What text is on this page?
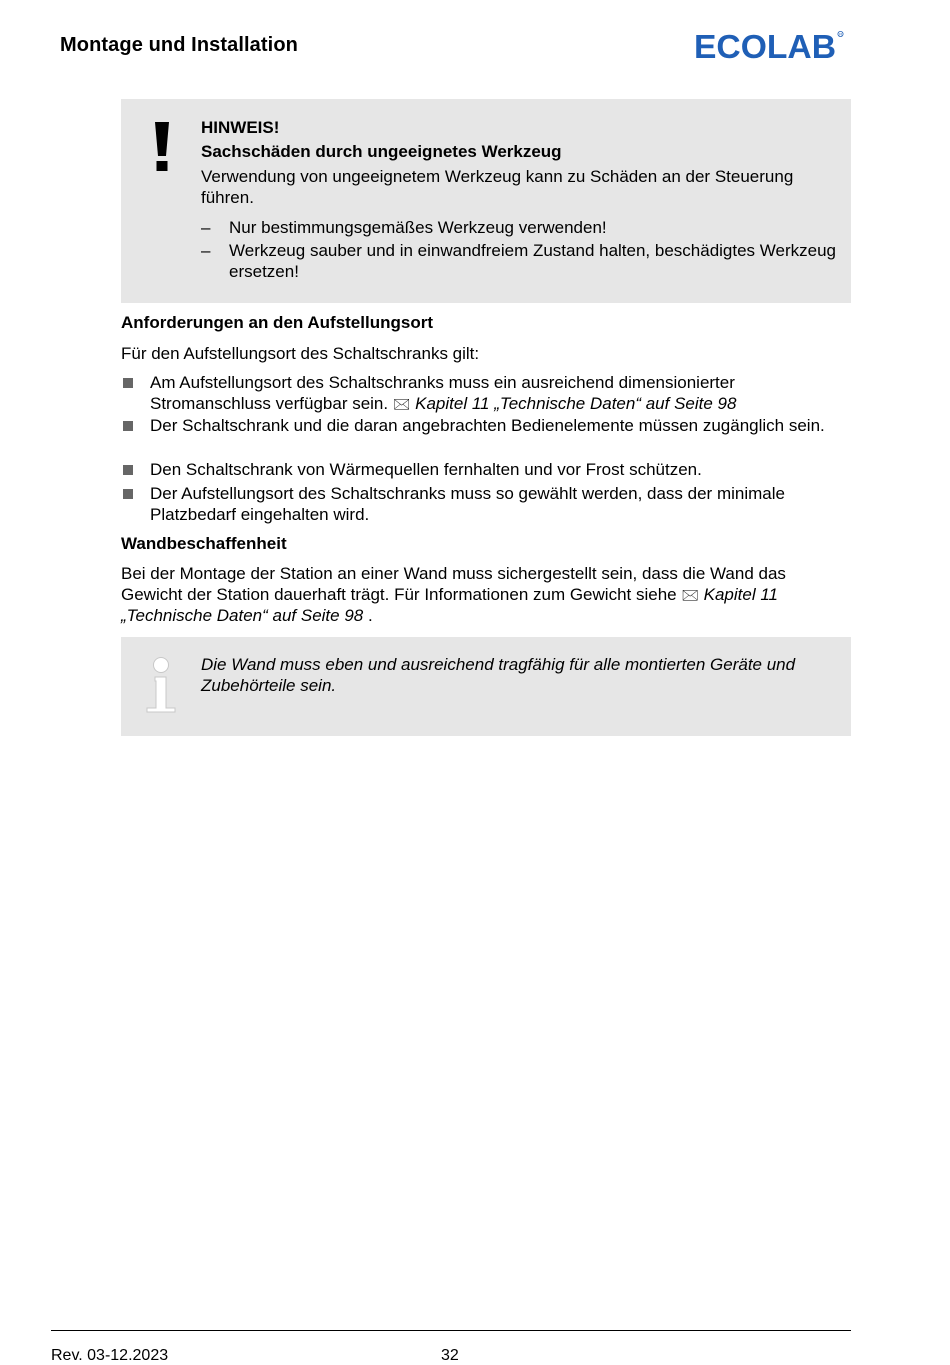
Montage und Installation	ECOLAB R
HINWEIS!
Sachschäden durch ungeeignetes Werkzeug
Verwendung von ungeeignetem Werkzeug kann zu Schäden an der Steuerung führen.
– Nur bestimmungsgemäßes Werkzeug verwenden!
– Werkzeug sauber und in einwandfreiem Zustand halten, beschädigtes Werkzeug ersetzen!
Anforderungen an den Aufstellungsort
Für den Aufstellungsort des Schaltschranks gilt:
Am Aufstellungsort des Schaltschranks muss ein ausreichend dimensionierter Stromanschluss verfügbar sein. 🖂 Kapitel 11 „Technische Daten“ auf Seite 98
Der Schaltschrank und die daran angebrachten Bedienelemente müssen zugänglich sein.
Den Schaltschrank von Wärmequellen fernhalten und vor Frost schützen.
Der Aufstellungsort des Schaltschranks muss so gewählt werden, dass der minimale Platzbedarf eingehalten wird.
Wandbeschaffenheit
Bei der Montage der Station an einer Wand muss sichergestellt sein, dass die Wand das Gewicht der Station dauerhaft trägt. Für Informationen zum Gewicht siehe 🖂 Kapitel 11 „Technische Daten“ auf Seite 98 .
Die Wand muss eben und ausreichend tragfähig für alle montierten Geräte und Zubehörteile sein.
Rev. 03-12.2023	32
